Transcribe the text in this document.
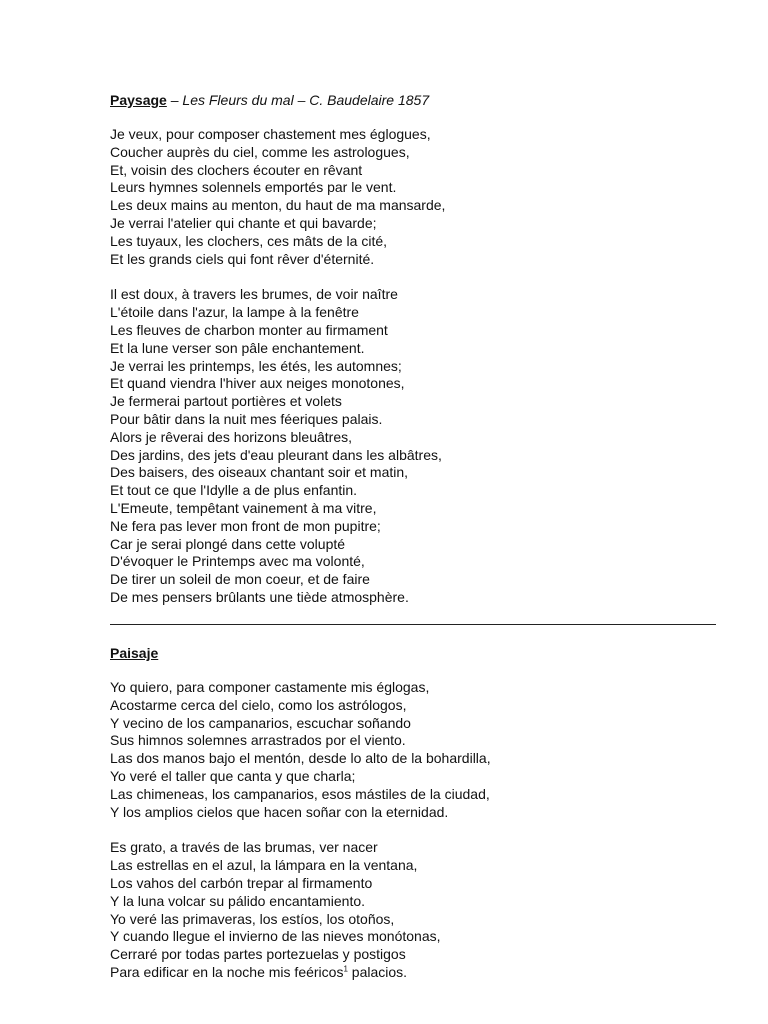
Paysage – Les Fleurs du mal – C. Baudelaire 1857
Je veux, pour composer chastement mes églogues,
Coucher auprès du ciel, comme les astrologues,
Et, voisin des clochers écouter en rêvant
Leurs hymnes solennels emportés par le vent.
Les deux mains au menton, du haut de ma mansarde,
Je verrai l'atelier qui chante et qui bavarde;
Les tuyaux, les clochers, ces mâts de la cité,
Et les grands ciels qui font rêver d'éternité.
Il est doux, à travers les brumes, de voir naître
L'étoile dans l'azur, la lampe à la fenêtre
Les fleuves de charbon monter au firmament
Et la lune verser son pâle enchantement.
Je verrai les printemps, les étés, les automnes;
Et quand viendra l'hiver aux neiges monotones,
Je fermerai partout portières et volets
Pour bâtir dans la nuit mes féeriques palais.
Alors je rêverai des horizons bleuâtres,
Des jardins, des jets d'eau pleurant dans les albâtres,
Des baisers, des oiseaux chantant soir et matin,
Et tout ce que l'Idylle a de plus enfantin.
L'Emeute, tempêtant vainement à ma vitre,
Ne fera pas lever mon front de mon pupitre;
Car je serai plongé dans cette volupté
D'évoquer le Printemps avec ma volonté,
De tirer un soleil de mon coeur, et de faire
De mes pensers brûlants une tiède atmosphère.
Paisaje
Yo quiero, para componer castamente mis églogas,
Acostarme cerca del cielo, como los astrólogos,
Y vecino de los campanarios, escuchar soñando
Sus himnos solemnes arrastrados por el viento.
Las dos manos bajo el mentón, desde lo alto de la bohardilla,
Yo veré el taller que canta y que charla;
Las chimeneas, los campanarios, esos mástiles de la ciudad,
Y los amplios cielos que hacen soñar con la eternidad.
Es grato, a través de las brumas, ver nacer
Las estrellas en el azul, la lámpara en la ventana,
Los vahos del carbón trepar al firmamento
Y la luna volcar su pálido encantamiento.
Yo veré las primaveras, los estíos, los otoños,
Y cuando llegue el invierno de las nieves monótonas,
Cerraré por todas partes portezuelas y postigos
Para edificar en la noche mis feéricos$^1$ palacios.
